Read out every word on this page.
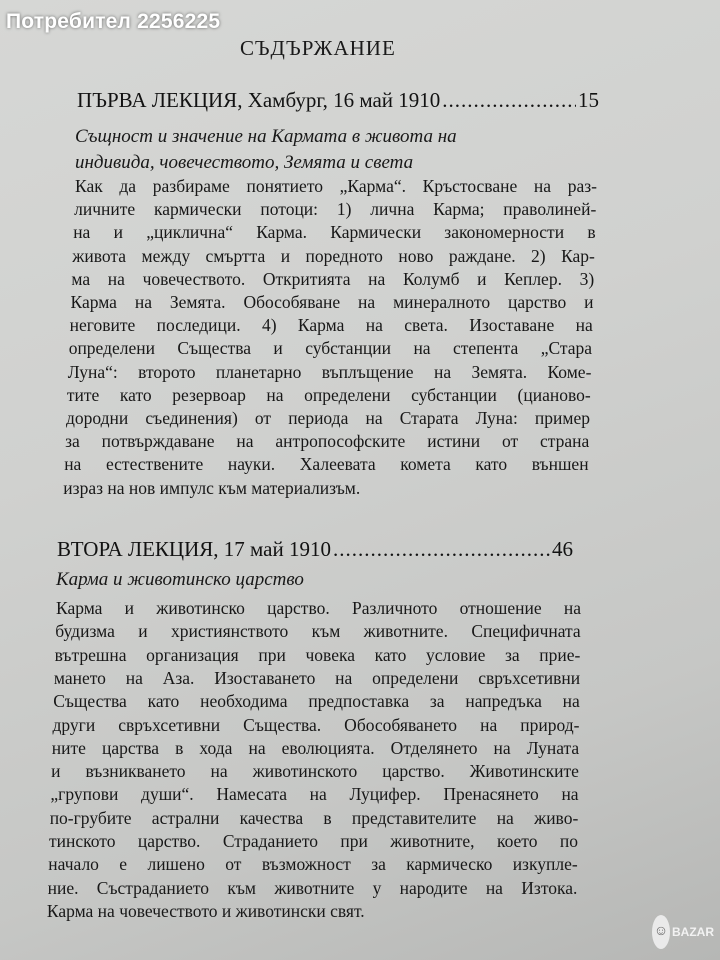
Потребител 2256225
СЪДЪРЖАНИЕ
ПЪРВА ЛЕКЦИЯ , Хамбург, 16 май 1910 .....	15
Същност и значение на Кармата в живота на
индивида, човечеството, Земята и света
Как да разбираме понятието „Карма“. Кръстосване на раз-
личните кармически потоци: 1) лична Карма; праволиней-
на и „циклична“ Карма. Кармически закономерности в
живота между смъртта и поредното ново раждане. 2) Кар-
ма на човечеството. Откритията на Колумб и Кеплер. 3)
Карма на Земята. Обособяване на минералното царство и
неговите последици. 4) Карма на света. Изоставане на
определени Същества и субстанции на степента „Стара
Луна“: второто планетарно въплъщение на Земята. Коме-
тите като резервоар на определени субстанции (цианово-
дородни съединения) от периода на Старата Луна: пример
за потвърждаване на антропософските истини от страна
на естествените науки. Халеевата комета като външен
израз на нов импулс към материализъм.
ВТОРА ЛЕКЦИЯ , 17 май 1910 .....	46
Карма и животинско царство
Карма и животинско царство. Различното отношение на
будизма и християнството към животните. Специфичната
вътрешна организация при човека като условие за прие-
мането на Аза. Изоставането на определени свръхсетивни
Същества като необходима предпоставка за напредъка на
други свръхсетивни Същества. Обособяването на природ-
ните царства в хода на еволюцията. Отделянето на Луната
и възникването на животинското царство. Животинските
„групови души“. Намесата на Луцифер. Пренасянето на
по-грубите астрални качества в представителите на живо-
тинското царство. Страданието при животните, което по
начало е лишено от възможност за кармическо изкупле-
ние. Състраданието към животните у народите на Изтока.
Карма на човечеството и животински свят.
☺ BAZAR
